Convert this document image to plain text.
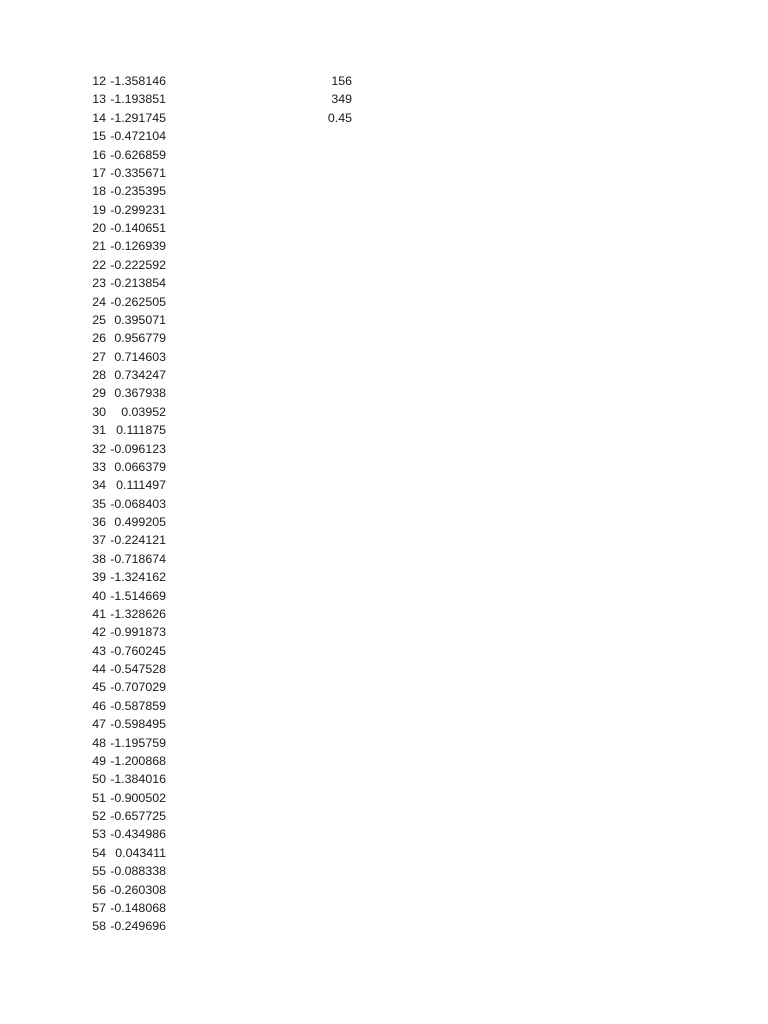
12 -1.358146	156
13 -1.193851	349
14 -1.291745	0.45
15 -0.472104
16 -0.626859
17 -0.335671
18 -0.235395
19 -0.299231
20 -0.140651
21 -0.126939
22 -0.222592
23 -0.213854
24 -0.262505
25 0.395071
26 0.956779
27 0.714603
28 0.734247
29 0.367938
30	0.03952
31 0.111875
32 -0.096123
33 0.066379
34 0.111497
35 -0.068403
36 0.499205
37 -0.224121
38 -0.718674
39 -1.324162
40 -1.514669
41 -1.328626
42 -0.991873
43 -0.760245
44 -0.547528
45 -0.707029
46 -0.587859
47 -0.598495
48 -1.195759
49 -1.200868
50 -1.384016
51 -0.900502
52 -0.657725
53 -0.434986
54 0.043411
55 -0.088338
56 -0.260308
57 -0.148068
58 -0.249696
